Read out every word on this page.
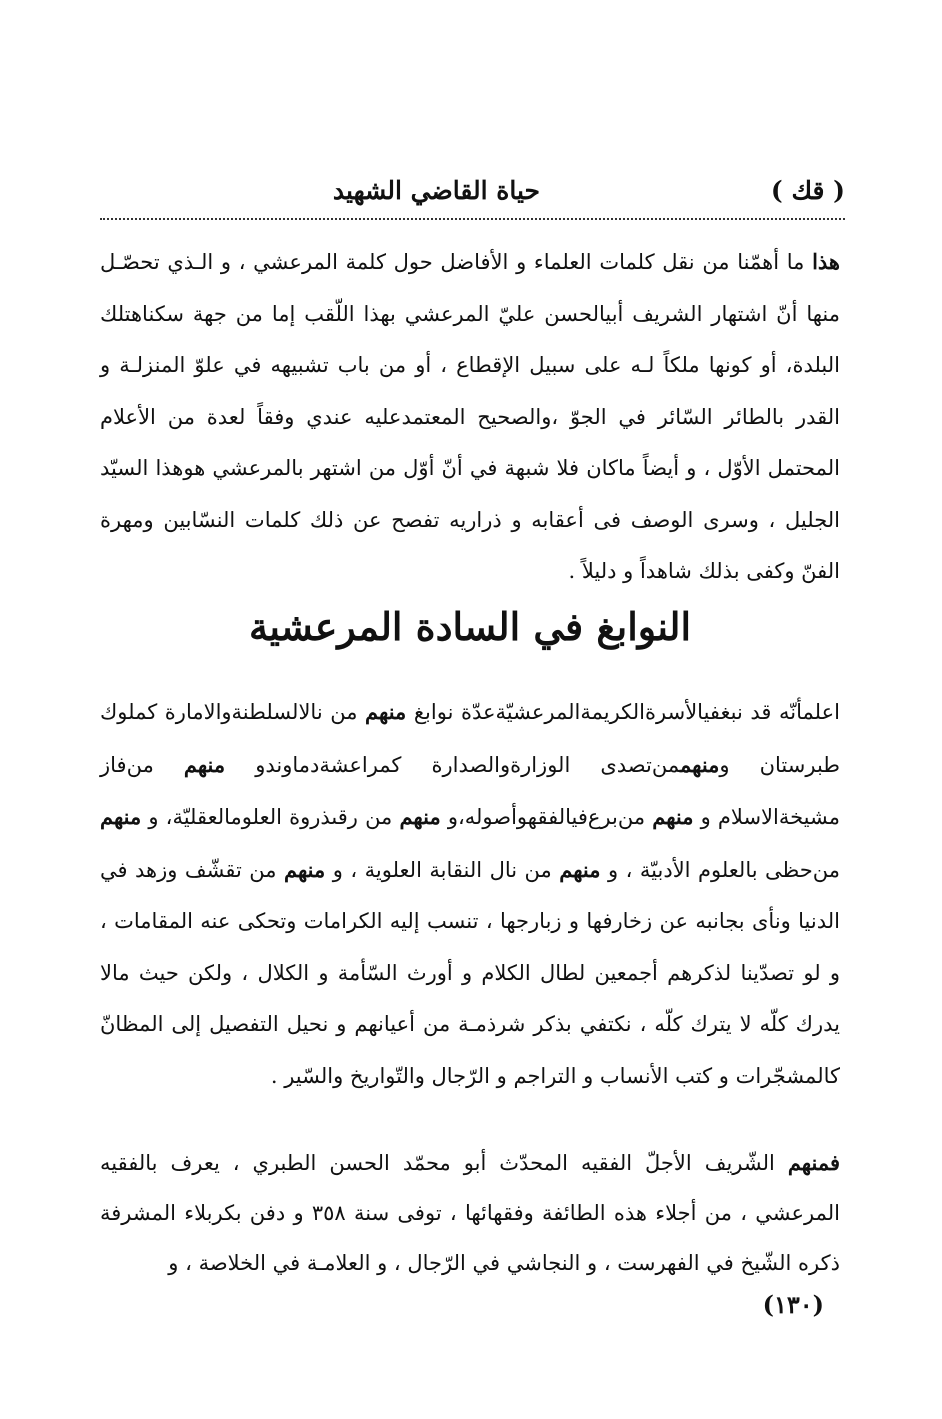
( قك )
حياة القاضي الشهيد

هذا ما أهمّنا من نقل كلمات العلماء و الأفاضل حول كلمة المرعشي ، و الـذي تحصّـل منها أنّ اشتهار الشريف أبيالحسن عليّ المرعشي بهذا اللّقب إما من جهة سكناهتلك البلدة، أو كونها ملكاً لـه على سبيل الإقطاع ، أو من باب تشبيهه في علوّ المنزلـة و القدر بالطائر السّائر في الجوّ ،والصحيح المعتمدعليه عندي وفقاً لعدة من الأعلام المحتمل الأوّل ، و أيضاً ماكان فلا شبهة في أنّ أوّل من اشتهر بالمرعشي هوهذا السيّد الجليل ، وسرى الوصف فى أعقابه و ذراريه تفصح عن ذلك كلمات النسّابين ومهرة الفنّ وكفى بذلك شاهداً و دليلاً .

النوابغ في السادة المرعشية

اعلمأنّه قد نبغفيالأسرةالكريمةالمرعشيّةعدّة نوابغ منهم من نالالسلطنةوالامارة كملوك طبرستان ومنهممن‌تصدى الوزارةوالصدارة كمراعشةدماوندو منهم من‌فاز مشيخةالاسلام و منهم من‌برع‌فيالفقهوأصوله،و منهم من رقىذروة العلومالعقليّة، و منهم من‌حظى بالعلوم الأدبيّة ، و منهم من نال النقابة العلوية ، و منهم من تقشّف وزهد في الدنيا ونأى بجانبه عن زخارفها و زبارجها ، تنسب إليه الكرامات وتحكى عنه المقامات ، و لو تصدّينا لذكرهم أجمعين لطال الكلام و أورث السّأمة و الكلال ، ولكن حيث مالا يدرك كلّه لا يترك كلّه ، نكتفي بذكر شرذمـة من أعيانهم و نحيل التفصيل إلى المظانّ كالمشجّرات و كتب الأنساب و التراجم و الرّجال والتّواريخ والسّير .

فمنهم الشّريف الأجلّ الفقيه المحدّث أبو محمّد الحسن الطبري ، يعرف بالفقيه المرعشي ، من أجلاء هذه الطائفة وفقهائها ، توفى سنة ٣٥٨ و دفن بكربلاء المشرفة ذكره الشّيخ في الفهرست ، و النجاشي في الرّجال ، و العلامـة في الخلاصة ، و

(١٣٠)
